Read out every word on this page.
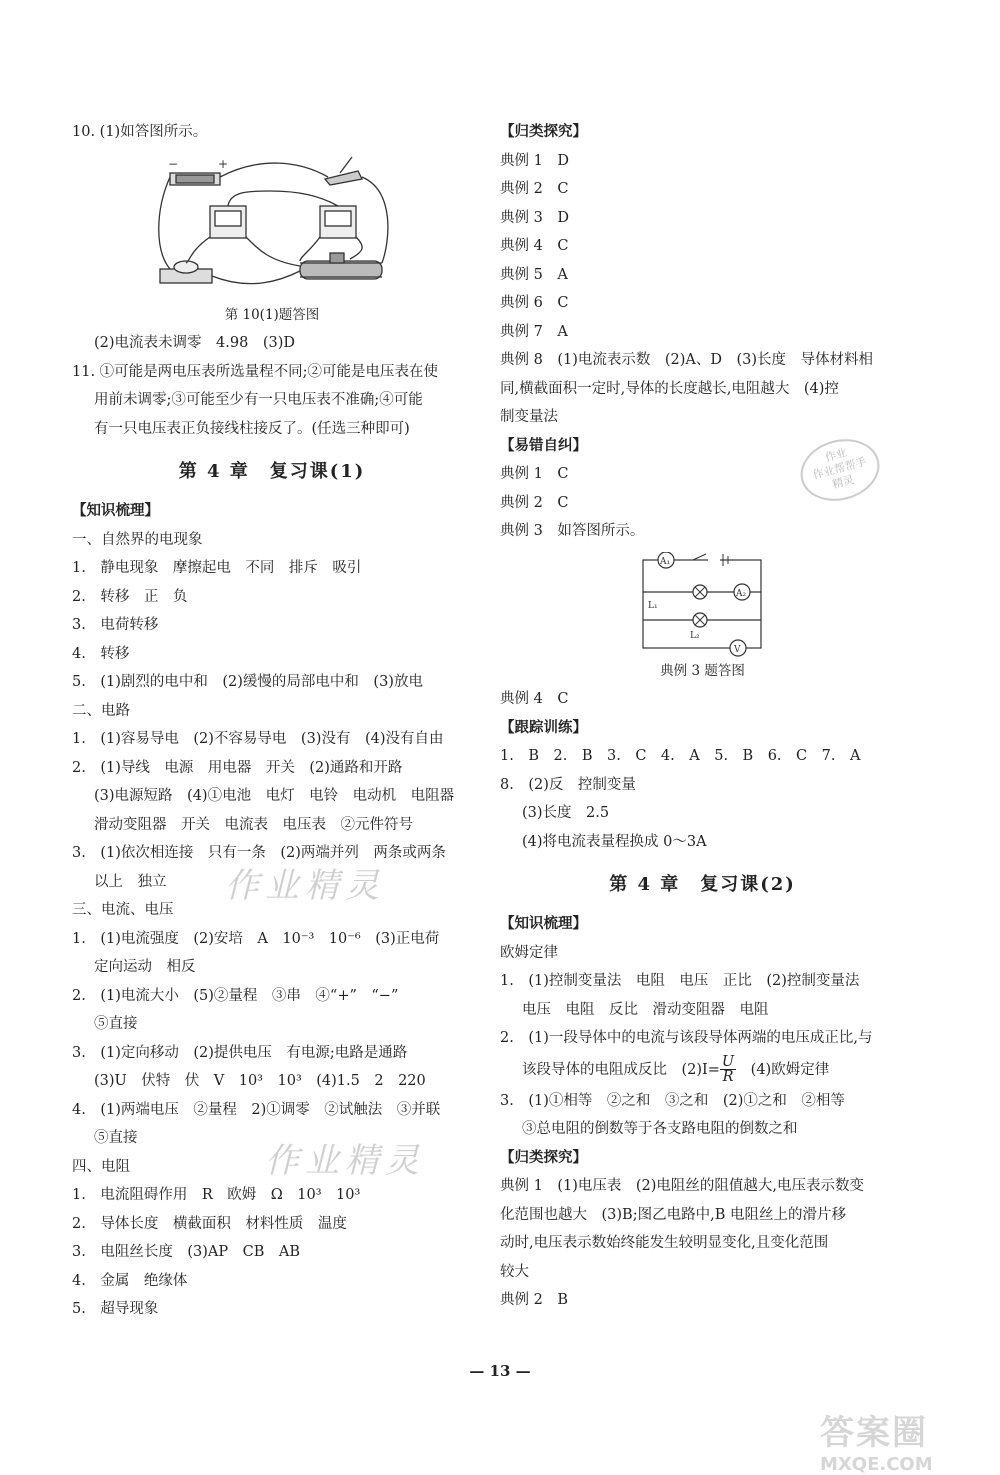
10. (1)如答图所示。
−	+
第 10(1)题答图
(2)电流表未调零　4.98　(3)D
11. ①可能是两电压表所选量程不同;②可能是电压表在使
用前未调零;③可能至少有一只电压表不准确;④可能
有一只电压表正负接线柱接反了。(任选三种即可)
第 4 章　复习课(1)
【知识梳理】
一、自然界的电现象
1.　静电现象　摩擦起电　不同　排斥　吸引
2.　转移　正　负
3.　电荷转移
4.　转移
5.　(1)剧烈的电中和　(2)缓慢的局部电中和　(3)放电
二、电路
1.　(1)容易导电　(2)不容易导电　(3)没有　(4)没有自由
2.　(1)导线　电源　用电器　开关　(2)通路和开路
(3)电源短路　(4)①电池　电灯　电铃　电动机　电阻器
滑动变阻器　开关　电流表　电压表　②元件符号
3.　(1)依次相连接　只有一条　(2)两端并列　两条或两条
以上　独立
三、电流、电压
1.　(1)电流强度　(2)安培　A　10⁻³　10⁻⁶　(3)正电荷
定向运动　相反
2.　(1)电流大小　(5)②量程　③串　④“+”　“−”
⑤直接
3.　(1)定向移动　(2)提供电压　有电源;电路是通路
(3)U　伏特　伏　V　10³　10³　(4)1.5　2　220
4.　(1)两端电压　②量程　2)①调零　②试触法　③并联
⑤直接
四、电阻
1.　电流阻碍作用　R　欧姆　Ω　10³　10³
2.　导体长度　横截面积　材料性质　温度
3.　电阻丝长度　(3)AP　CB　AB
4.　金属　绝缘体
5.　超导现象
【归类探究】
典例 1　D
典例 2　C
典例 3　D
典例 4　C
典例 5　A
典例 6　C
典例 7　A
典例 8　(1)电流表示数　(2)A、D　(3)长度　导体材料相
同,横截面积一定时,导体的长度越长,电阻越大　(4)控
制变量法
【易错自纠】
典例 1　C
典例 2　C
典例 3　如答图所示。
A₁
A₂
L₁
L₂
V
典例 3 题答图
典例 4　C
【跟踪训练】
1.　B　2.　B　3.　C　4.　A　5.　B　6.　C　7.　A
8.　(2)反　控制变量
(3)长度　2.5
(4)将电流表量程换成 0～3A
第 4 章　复习课(2)
【知识梳理】
欧姆定律
1.　(1)控制变量法　电阻　电压　正比　(2)控制变量法
电压　电阻　反比　滑动变阻器　电阻
2.　(1)一段导体中的电流与该段导体两端的电压成正比,与
该段导体的电阻成反比　$(2)I= \frac{U}{R}$ 　(4)欧姆定律
3.　(1)①相等　②之和　③之和　(2)①之和　②相等
③总电阻的倒数等于各支路电阻的倒数之和
【归类探究】
典例 1　(1)电压表　(2)电阻丝的阻值越大,电压表示数变
化范围也越大　(3)B;图乙电路中,B 电阻丝上的滑片移
动时,电压表示数始终能发生较明显变化,且变化范围
较大
典例 2　B
作业精灵
作业精灵
作业
作业帮帮手
精灵
— 13 —
答案圈
MXQE.COM
